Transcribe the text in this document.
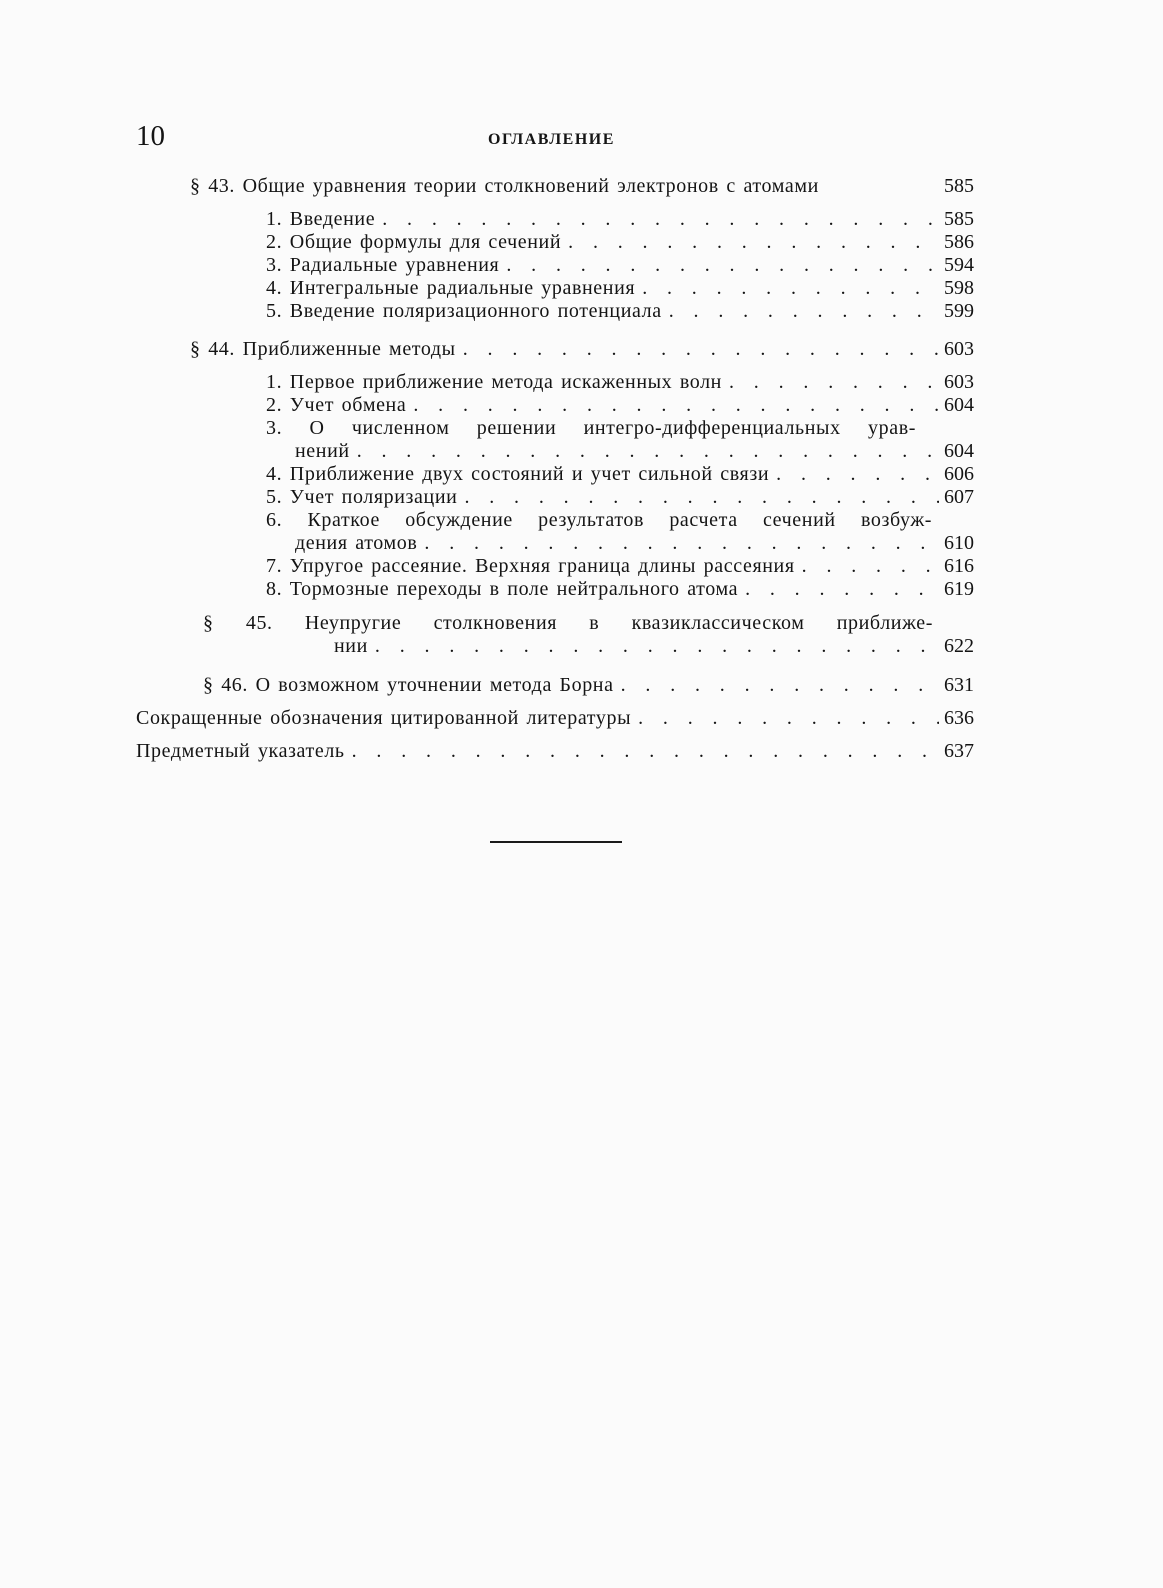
10	ОГЛАВЛЕНИЕ
§ 43. Общие уравнения теории столкновений электронов с атомами	585
1. Введение . . .	585
2. Общие формулы для сечений . . .	586
3. Радиальные уравнения . . .	594
4. Интегральные радиальные уравнения . . .	598
5. Введение поляризационного потенциала . . .	599
§ 44. Приближенные методы . . .	603
1. Первое приближение метода искаженных волн . . .	603
2. Учет обмена . . .	604
3. О численном решении интегро-дифференциальных урав-
нений . . .	604
4. Приближение двух состояний и учет сильной связи . . .	606
5. Учет поляризации . . .	607
6. Краткое обсуждение результатов расчета сечений возбуж-
дения атомов . . .	610
7. Упругое рассеяние. Верхняя граница длины рассеяния . . .	616
8. Тормозные переходы в поле нейтрального атома . . .	619
§ 45. Неупругие столкновения в квазиклассическом приближе-
нии . . .	622
§ 46. О возможном уточнении метода Борна . . .	631
Сокращенные обозначения цитированной литературы . . .	636
Предметный указатель . . .	637
